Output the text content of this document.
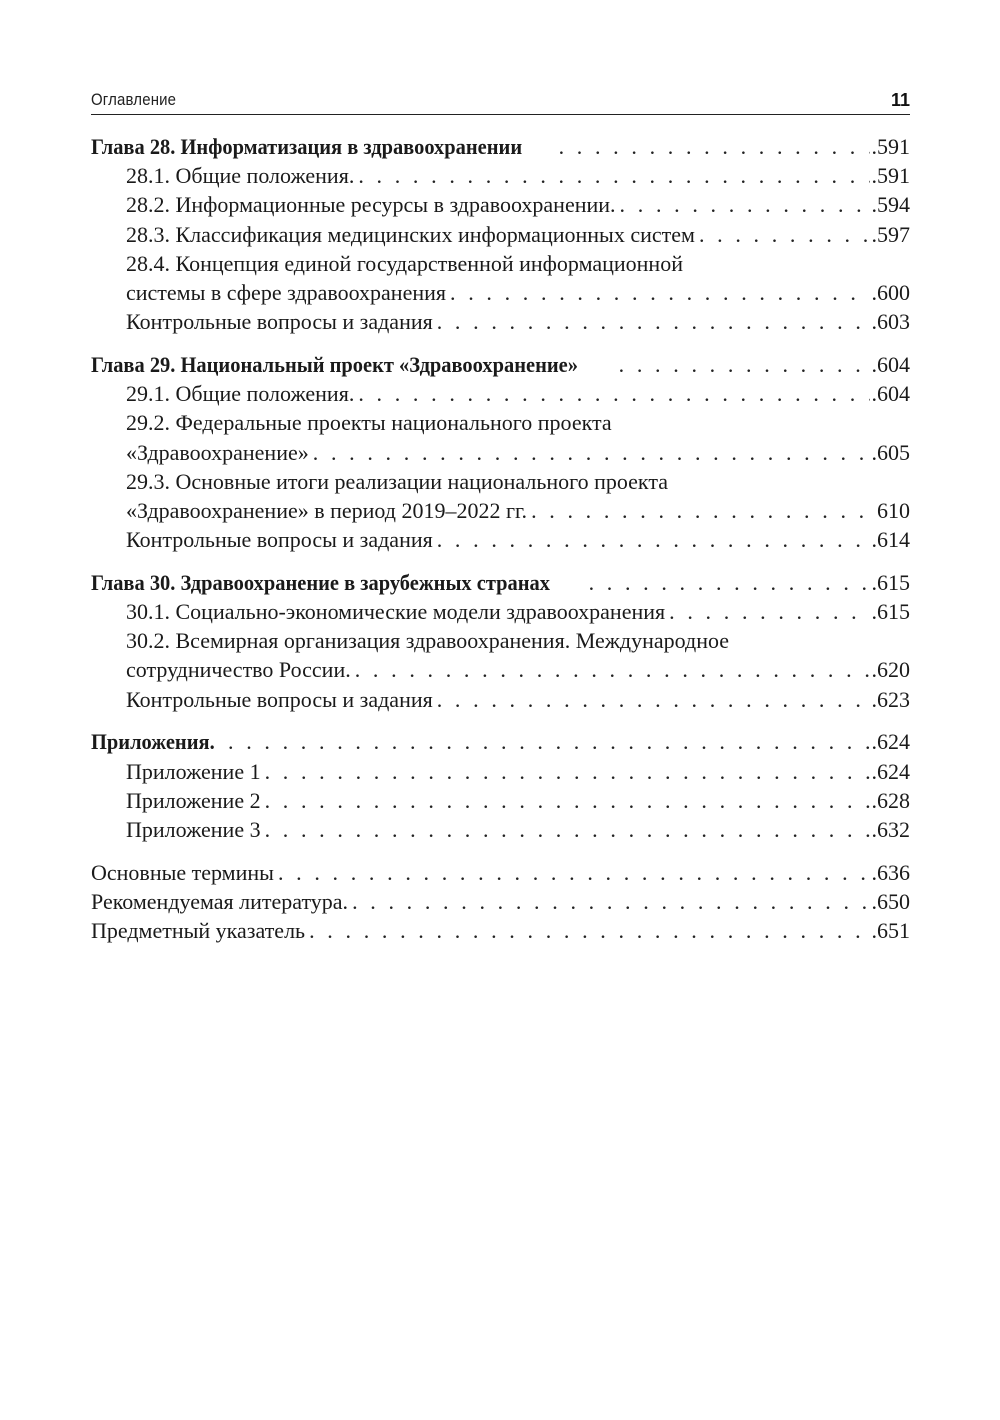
Оглавление	11
Глава 28. Информатизация в здравоохранении . . .	.591
28.1. Общие положения. . . .	.591
28.2. Информационные ресурсы в здравоохранении. . . .	.594
28.3. Классификация медицинских информационных систем . . .	.597
28.4. Концепция единой государственной информационной
системы в сфере здравоохранения . . .	.600
Контрольные вопросы и задания . . .	.603
Глава 29. Национальный проект «Здравоохранение» . . .	.604
29.1. Общие положения. . . .	.604
29.2. Федеральные проекты национального проекта
«Здравоохранение» . . .	.605
29.3. Основные итоги реализации национального проекта
«Здравоохранение» в период 2019–2022 гг. . . .	610
Контрольные вопросы и задания . . .	.614
Глава 30. Здравоохранение в зарубежных странах . . .	.615
30.1. Социально-экономические модели здравоохранения . . .	.615
30.2. Всемирная организация здравоохранения. Международное
сотрудничество России. . . .	.620
Контрольные вопросы и задания . . .	.623
Приложения. . . .	.624
Приложение 1 . . .	.624
Приложение 2 . . .	.628
Приложение 3 . . .	.632
Основные термины . . .	.636
Рекомендуемая литература. . . .	.650
Предметный указатель . . .	.651
